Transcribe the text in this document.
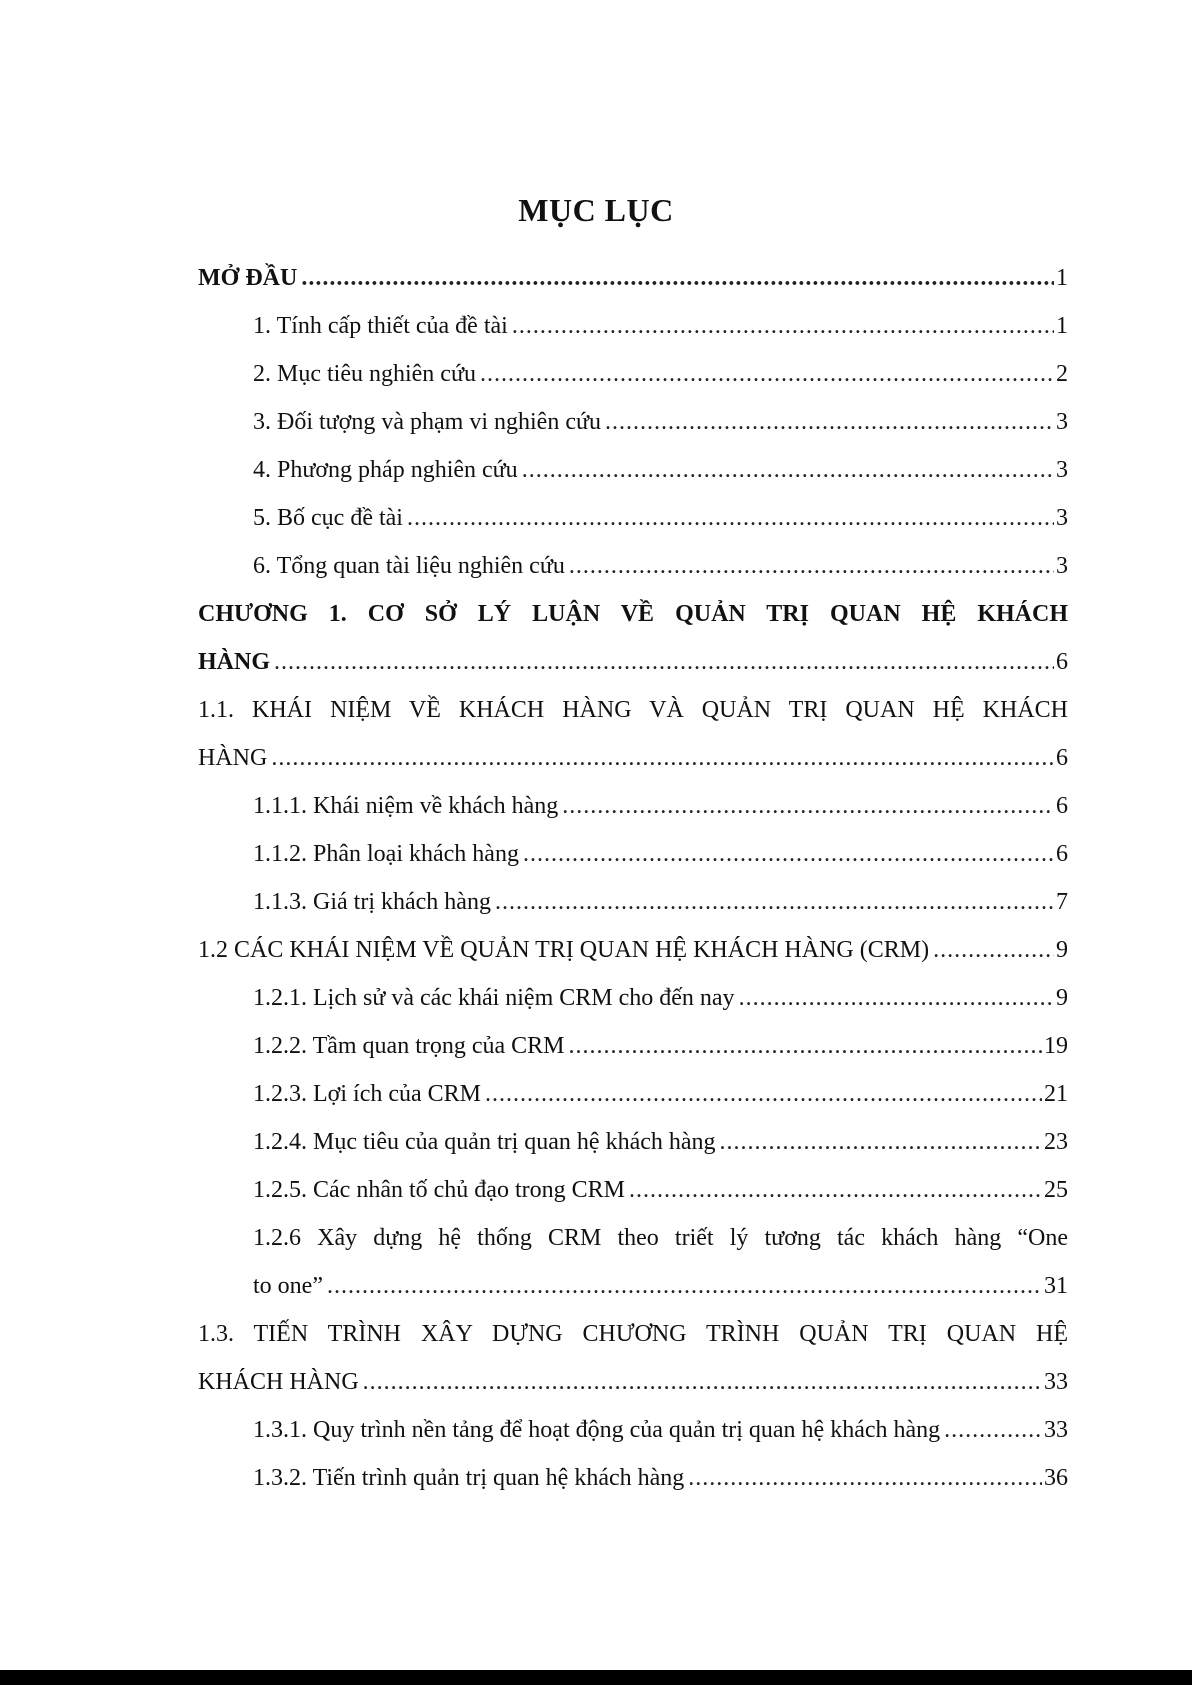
MỤC LỤC
MỞ ĐẦU .....	1
1. Tính cấp thiết của đề tài .....	1
2. Mục tiêu nghiên cứu .....	2
3. Đối tượng và phạm vi nghiên cứu .....	3
4. Phương pháp nghiên cứu .....	3
5. Bố cục đề tài .....	3
6. Tổng quan tài liệu nghiên cứu .....	3
CHƯƠNG 1. CƠ SỞ LÝ LUẬN VỀ QUẢN TRỊ QUAN HỆ KHÁCH
HÀNG .....	6
1.1. KHÁI NIỆM VỀ KHÁCH HÀNG VÀ QUẢN TRỊ QUAN HỆ KHÁCH
HÀNG .....	6
1.1.1. Khái niệm về khách hàng .....	6
1.1.2. Phân loại khách hàng .....	6
1.1.3. Giá trị khách hàng .....	7
1.2 CÁC KHÁI NIỆM VỀ QUẢN TRỊ QUAN HỆ KHÁCH HÀNG (CRM) .....	9
1.2.1. Lịch sử và các khái niệm CRM cho đến nay .....	9
1.2.2. Tầm quan trọng của CRM .....	19
1.2.3. Lợi ích của CRM .....	21
1.2.4. Mục tiêu của quản trị quan hệ khách hàng .....	23
1.2.5. Các nhân tố chủ đạo trong CRM .....	25
1.2.6 Xây dựng hệ thống CRM theo triết lý tương tác khách hàng “One
to one” .....	31
1.3. TIẾN TRÌNH XÂY DỰNG CHƯƠNG TRÌNH QUẢN TRỊ QUAN HỆ
KHÁCH HÀNG .....	33
1.3.1. Quy trình nền tảng để hoạt động của quản trị quan hệ khách hàng .....	33
1.3.2. Tiến trình quản trị quan hệ khách hàng .....	36
